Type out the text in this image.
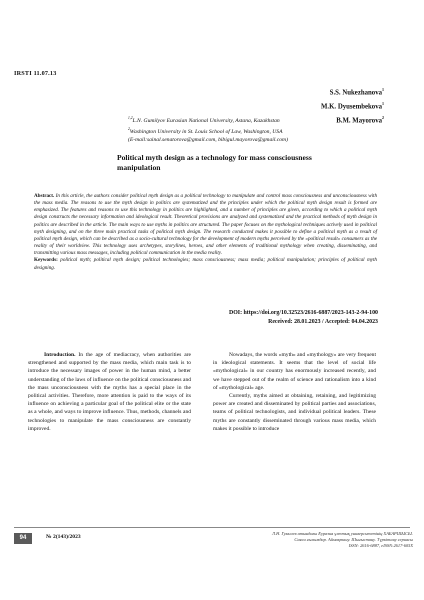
IRSTI 11.07.13
S.S. Nukezhanova$^1$
M.K. Dyusembekova$^1$
B.M. Mayorova$^2$
$^{1,2}$L.N. Gumilyov Eurasian National University, Astana, Kazakhstan
$^2$Washington University in St. Louis School of Law, Washington, USA
(E-mail:sainal.senatorova@gmail.com, bibigul.mayorova@gmail.com)
Political myth design as a technology for mass consciousness manipulation
Abstract. In this article, the authors consider political myth design as a political technology to manipulate and control mass consciousness and unconsciousness with the mass media. The reasons to use the myth design in politics are systematized and the principles under which the political myth design result is formed are emphasized. The features and reasons to use this technology in politics are highlighted, and a number of principles are given, according to which a political myth design constructs the necessary information and ideological result. Theoretical provisions are analyzed and systematized and the practical methods of myth design in politics are described in the article. The main ways to use myths in politics are structured. The paper focuses on the mythological techniques actively used in political myth designing, and on the three main practical tasks of political myth design. The research conducted makes it possible to define a political myth as a result of political myth design, which can be described as a socio-cultural technology for the development of modern myths perceived by the «political result» consumers as the reality of their worldview. This technology uses archetypes, storylines, heroes, and other elements of traditional mythology when creating, disseminating, and transmitting various mass messages, including political communication in the media reality.
Keywords: political myth; political myth design; political technologies; mass consciousness; mass media; political manipulation; principles of political myth designing.
DOI: https://doi.org/10.32523/2616-6887/2023-143-2-94-100
Received: 28.01.2023 / Accepted: 04.04.2023

Introduction. In the age of mediacracy, when authorities are strengthened and supported by the mass media, which main task is to introduce the necessary images of power in the human mind, a better understanding of the laws of influence on the political consciousness and the mass unconsciousness with the myths has a special place in the political activities. Therefore, more attention is paid to the ways of its influence on achieving a particular goal of the political elite or the state as a whole, and ways to improve influence. Thus, methods, channels and technologies to manipulate the mass consciousness are constantly improved.

Nowadays, the words «myth» and «mythology» are very frequent in ideological statements. It seems that the level of social life «mythological» in our country has enormously increased recently, and we have stepped out of the realm of science and rationalism into a kind of «mythological» age.

Currently, myths aimed at obtaining, retaining, and legitimizing power are created and disseminated by political parties and associations, teams of political technologists, and individual political leaders. These myths are constantly disseminated through various mass media, which makes it possible to introduce

94	№ 2(143)/2023
Л.Н. Гумилев атындағы Еуразия ұлттық университетінің ХАБАРШЫСЫ.
Саяси ғылымдар. Аймақтану. Шығыстану. Түркітану сериясы
ISSN: 2616-6887, eISSN:2617-605X
